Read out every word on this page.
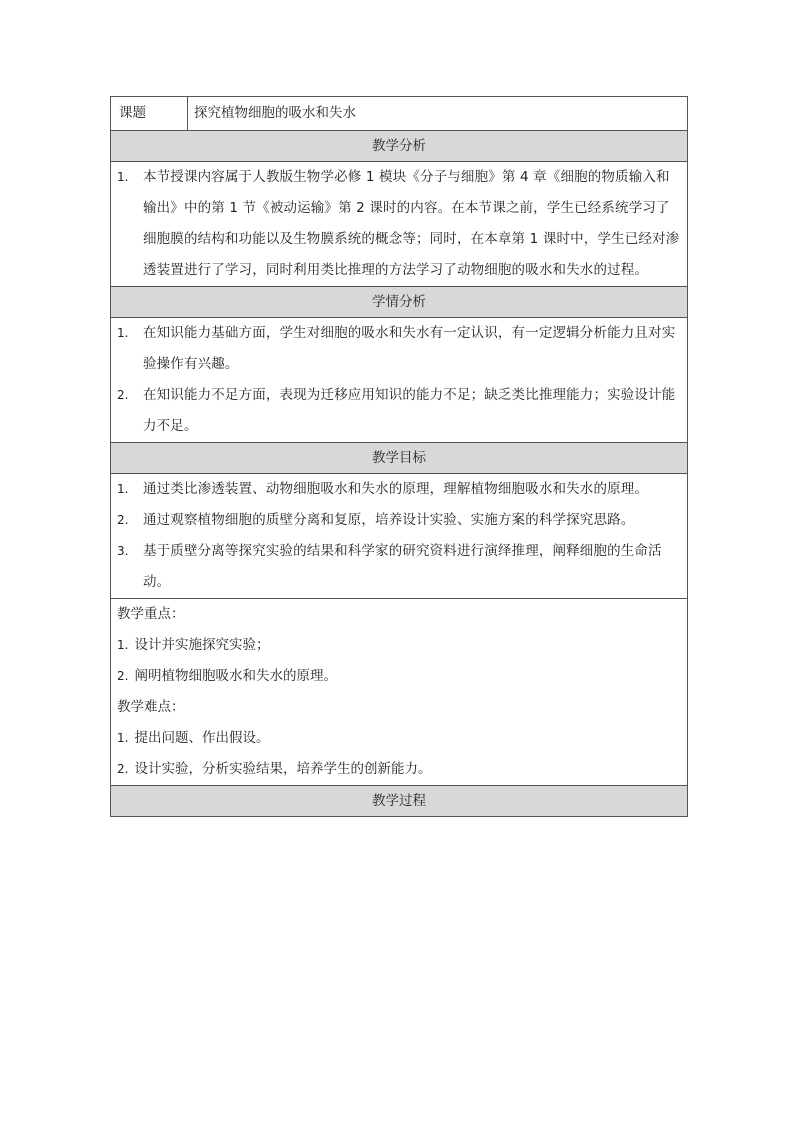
课题	探究植物细胞的吸水和失水
教学分析
1.	本节授课内容属于人教版生物学必修 1 模块《分子与细胞》第 4 章《细胞的物质输入和输出》中的第 1 节《被动运输》第 2 课时的内容。在本节课之前，学生已经系统学习了细胞膜的结构和功能以及生物膜系统的概念等；同时，在本章第 1 课时中，学生已经对渗透装置进行了学习，同时利用类比推理的方法学习了动物细胞的吸水和失水的过程。
学情分析
1.	在知识能力基础方面，学生对细胞的吸水和失水有一定认识，有一定逻辑分析能力且对实验操作有兴趣。
2.	在知识能力不足方面，表现为迁移应用知识的能力不足；缺乏类比推理能力；实验设计能力不足。
教学目标
1.	通过类比渗透装置、动物细胞吸水和失水的原理，理解植物细胞吸水和失水的原理。
2.	通过观察植物细胞的质壁分离和复原，培养设计实验、实施方案的科学探究思路。
3.	基于质壁分离等探究实验的结果和科学家的研究资料进行演绎推理，阐释细胞的生命活动。
教学重点：
1. 设计并实施探究实验；
2. 阐明植物细胞吸水和失水的原理。
教学难点：
1. 提出问题、作出假设。
2. 设计实验，分析实验结果，培养学生的创新能力。
教学过程
